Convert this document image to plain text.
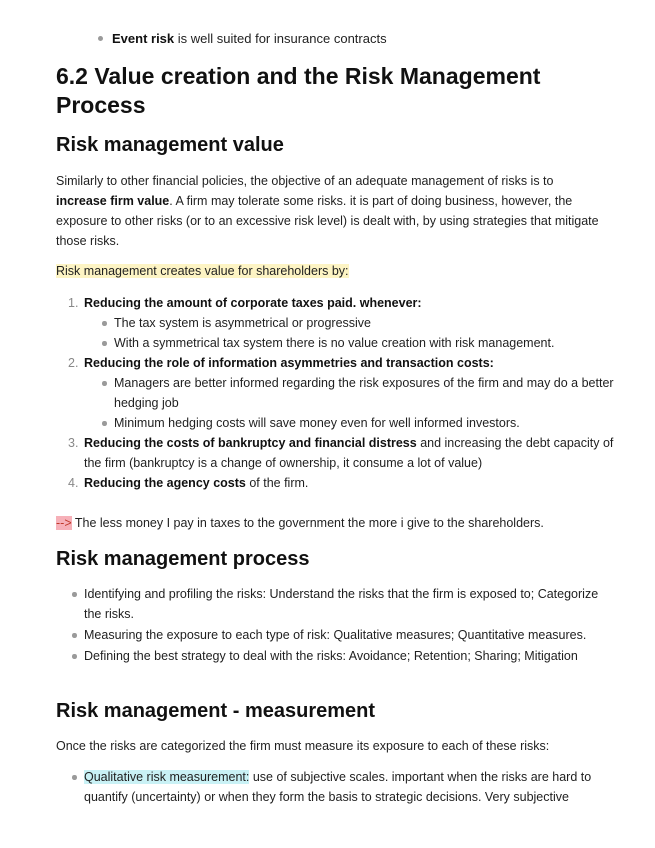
Event risk is well suited for insurance contracts
6.2 Value creation and the Risk Management Process
Risk management value

Similarly to other financial policies, the objective of an adequate management of risks is to increase firm value. A firm may tolerate some risks. it is part of doing business, however, the exposure to other risks (or to an excessive risk level) is dealt with, by using strategies that mitigate those risks.

Risk management creates value for shareholders by:

1. Reducing the amount of corporate taxes paid. whenever:
The tax system is asymmetrical or progressive
With a symmetrical tax system there is no value creation with risk management.
2. Reducing the role of information asymmetries and transaction costs:
Managers are better informed regarding the risk exposures of the firm and may do a better hedging job
Minimum hedging costs will save money even for well informed investors.
3. Reducing the costs of bankruptcy and financial distress and increasing the debt capacity of the firm (bankruptcy is a change of ownership, it consume a lot of value)
4. Reducing the agency costs of the firm.

--> The less money I pay in taxes to the government the more i give to the shareholders.

Risk management process
Identifying and profiling the risks: Understand the risks that the firm is exposed to; Categorize the risks.
Measuring the exposure to each type of risk: Qualitative measures; Quantitative measures.
Defining the best strategy to deal with the risks: Avoidance; Retention; Sharing; Mitigation
Risk management - measurement

Once the risks are categorized the firm must measure its exposure to each of these risks:

Qualitative risk measurement: use of subjective scales. important when the risks are hard to quantify (uncertainty) or when they form the basis to strategic decisions. Very subjective
